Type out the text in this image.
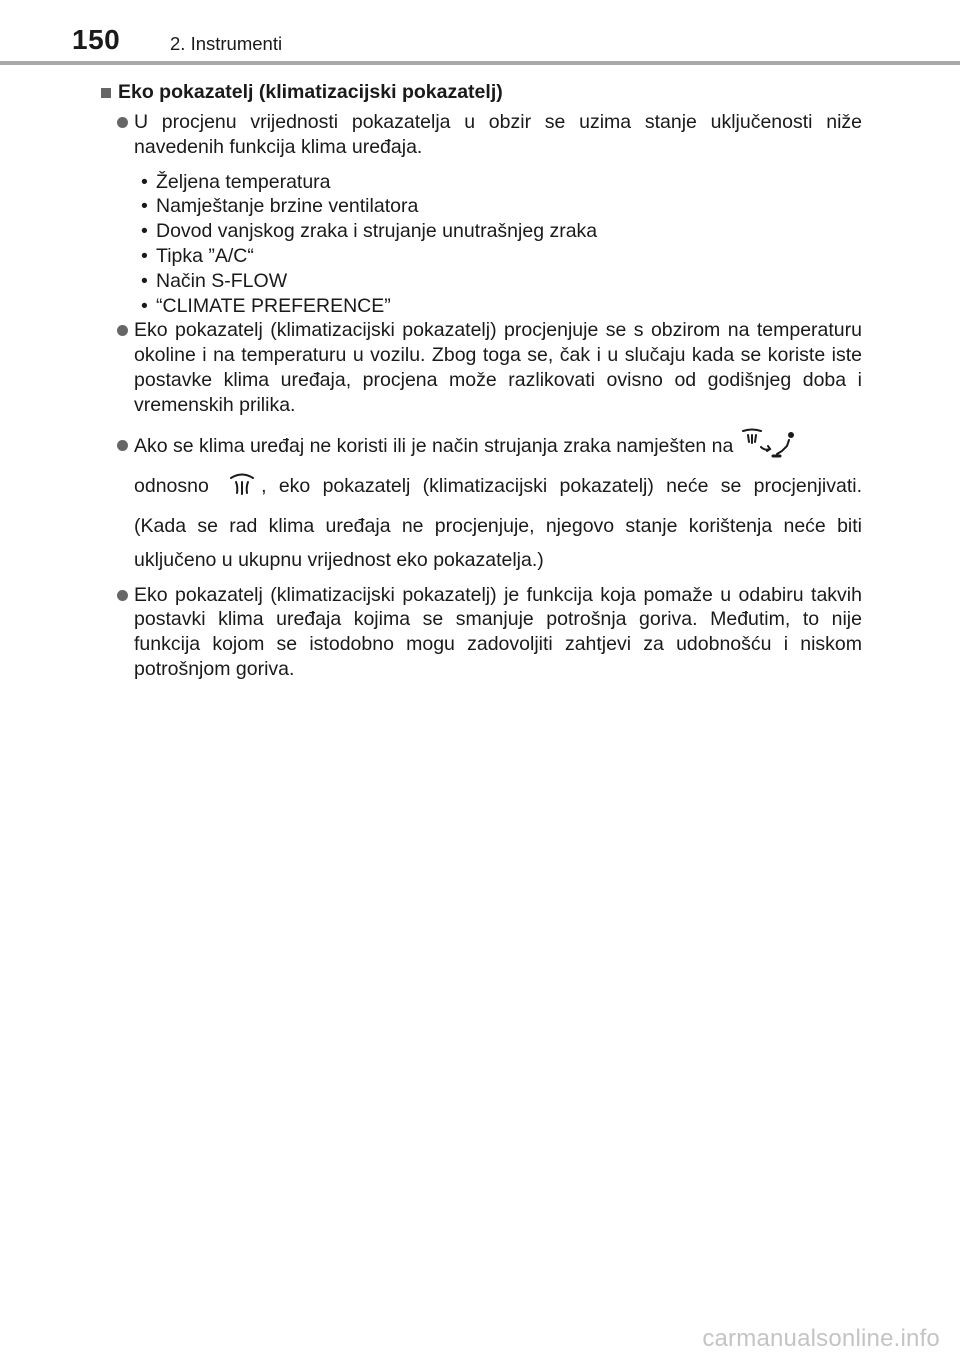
150	2. Instrumenti
Eko pokazatelj (klimatizacijski pokazatelj)
U procjenu vrijednosti pokazatelja u obzir se uzima stanje uključenosti niže navedenih funkcija klima uređaja.
• Željena temperatura
• Namještanje brzine ventilatora
• Dovod vanjskog zraka i strujanje unutrašnjeg zraka
• Tipka ”A/C“
• Način S-FLOW
• “CLIMATE PREFERENCE”
Eko pokazatelj (klimatizacijski pokazatelj) procjenjuje se s obzirom na temperaturu okoline i na temperaturu u vozilu. Zbog toga se, čak i u slučaju kada se koriste iste postavke klima uređaja, procjena može razlikovati ovisno od godišnjeg doba i vremenskih prilika.
Ako se klima uređaj ne koristi ili je način strujanja zraka namješten na
odnosno	, eko pokazatelj (klimatizacijski pokazatelj) neće se procjenjivati. (Kada se rad klima uređaja ne procjenjuje, njegovo stanje korištenja neće biti uključeno u ukupnu vrijednost eko pokazatelja.)
Eko pokazatelj (klimatizacijski pokazatelj) je funkcija koja pomaže u odabiru takvih postavki klima uređaja kojima se smanjuje potrošnja goriva. Međutim, to nije funkcija kojom se istodobno mogu zadovoljiti zahtjevi za udobnošću i niskom potrošnjom goriva.
carmanualsonline.info
